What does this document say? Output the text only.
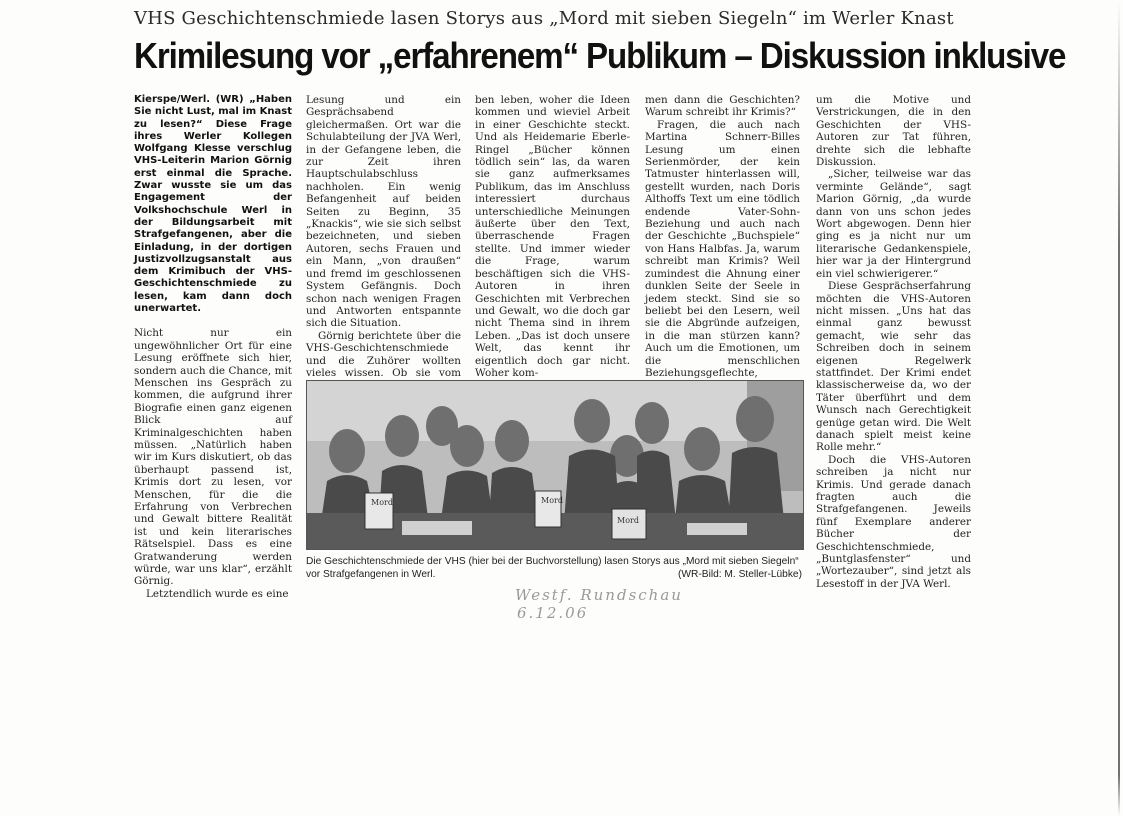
VHS Geschichtenschmiede lasen Storys aus „Mord mit sieben Siegeln“ im Werler Knast
Krimilesung vor „erfahrenem“ Publikum – Diskussion inklusive

Kierspe/Werl. (WR) „Haben Sie nicht Lust, mal im Knast zu lesen?“ Diese Frage ihres Werler Kollegen Wolfgang Klesse verschlug VHS-Leiterin Marion Görnig erst einmal die Sprache. Zwar wusste sie um das Engagement der Volkshochschule Werl in der Bildungsarbeit mit Strafgefangenen, aber die Einladung, in der dortigen Justizvollzugsanstalt aus dem Krimibuch der VHS-Geschichtenschmiede zu lesen, kam dann doch unerwartet.

Nicht nur ein ungewöhnlicher Ort für eine Lesung eröffnete sich hier, sondern auch die Chance, mit Menschen ins Gespräch zu kommen, die aufgrund ihrer Biografie einen ganz eigenen Blick auf Kriminalgeschichten haben müssen. „Natürlich haben wir im Kurs diskutiert, ob das überhaupt passend ist, Krimis dort zu lesen, vor Menschen, für die die Erfahrung von Verbrechen und Gewalt bittere Realität ist und kein literarisches Rätselspiel. Dass es eine Gratwanderung werden würde, war uns klar“, erzählt Görnig.

Letztendlich wurde es eine

Lesung und ein Gesprächsabend gleichermaßen. Ort war die Schulabteilung der JVA Werl, in der Gefangene leben, die zur Zeit ihren Hauptschulabschluss nachholen. Ein wenig Befangenheit auf beiden Seiten zu Beginn, 35 „Knackis“, wie sie sich selbst bezeichneten, und sieben Autoren, sechs Frauen und ein Mann, „von draußen“ und fremd im geschlossenen System Gefängnis. Doch schon nach wenigen Fragen und Antworten entspannte sich die Situation.

Görnig berichtete über die VHS-Geschichtenschmiede und die Zuhörer wollten vieles wissen. Ob sie vom

ben leben, woher die Ideen kommen und wieviel Arbeit in einer Geschichte steckt. Und als Heidemarie Eberle-Ringel „Bücher können tödlich sein“ las, da waren sie ganz aufmerksames Publikum, das im Anschluss interessiert durchaus unterschiedliche Meinungen äußerte über den Text, überraschende Fragen stellte. Und immer wieder die Frage, warum beschäftigen sich die VHS-Autoren in ihren Geschichten mit Verbrechen und Gewalt, wo die doch gar nicht Thema sind in ihrem Leben. „Das ist doch unsere Welt, das kennt ihr eigentlich doch gar nicht. Woher kom-

men dann die Geschichten? Warum schreibt ihr Krimis?“

Fragen, die auch nach Martina Schnerr-Billes Lesung um einen Serienmörder, der kein Tatmuster hinterlassen will, gestellt wurden, nach Doris Althoffs Text um eine tödlich endende Vater-Sohn-Beziehung und auch nach der Geschichte „Buchspiele“ von Hans Halbfas. Ja, warum schreibt man Krimis? Weil zumindest die Ahnung einer dunklen Seite der Seele in jedem steckt. Sind sie so beliebt bei den Lesern, weil sie die Abgründe aufzeigen, in die man stürzen kann? Auch um die Emotionen, um die menschlichen Beziehungsgeflechte,

um die Motive und Verstrickungen, die in den Geschichten der VHS-Autoren zur Tat führen, drehte sich die lebhafte Diskussion.

„Sicher, teilweise war das verminte Gelände“, sagt Marion Görnig, „da wurde dann von uns schon jedes Wort abgewogen. Denn hier ging es ja nicht nur um literarische Gedankenspiele, hier war ja der Hintergrund ein viel schwierigerer.“

Diese Gesprächserfahrung möchten die VHS-Autoren nicht missen. „Uns hat das einmal ganz bewusst gemacht, wie sehr das Schreiben doch in seinem eigenen Regelwerk stattfindet. Der Krimi endet klassischerweise da, wo der Täter überführt und dem Wunsch nach Gerechtigkeit genüge getan wird. Die Welt danach spielt meist keine Rolle mehr.“

Doch die VHS-Autoren schreiben ja nicht nur Krimis. Und gerade danach fragten auch die Strafgefangenen. Jeweils fünf Exemplare anderer Bücher der Geschichtenschmiede, „Buntglasfenster“ und „Wortezauber“, sind jetzt als Lesestoff in der JVA Werl.

Mord	Mord
Mord
Die Geschichtenschmiede der VHS (hier bei der Buchvorstellung) lasen Storys aus „Mord mit sieben Siegeln“ vor Strafgefangenen in Werl.	(WR-Bild: M. Steller-Lübke)
Westf. Rundschau
6.12.06
